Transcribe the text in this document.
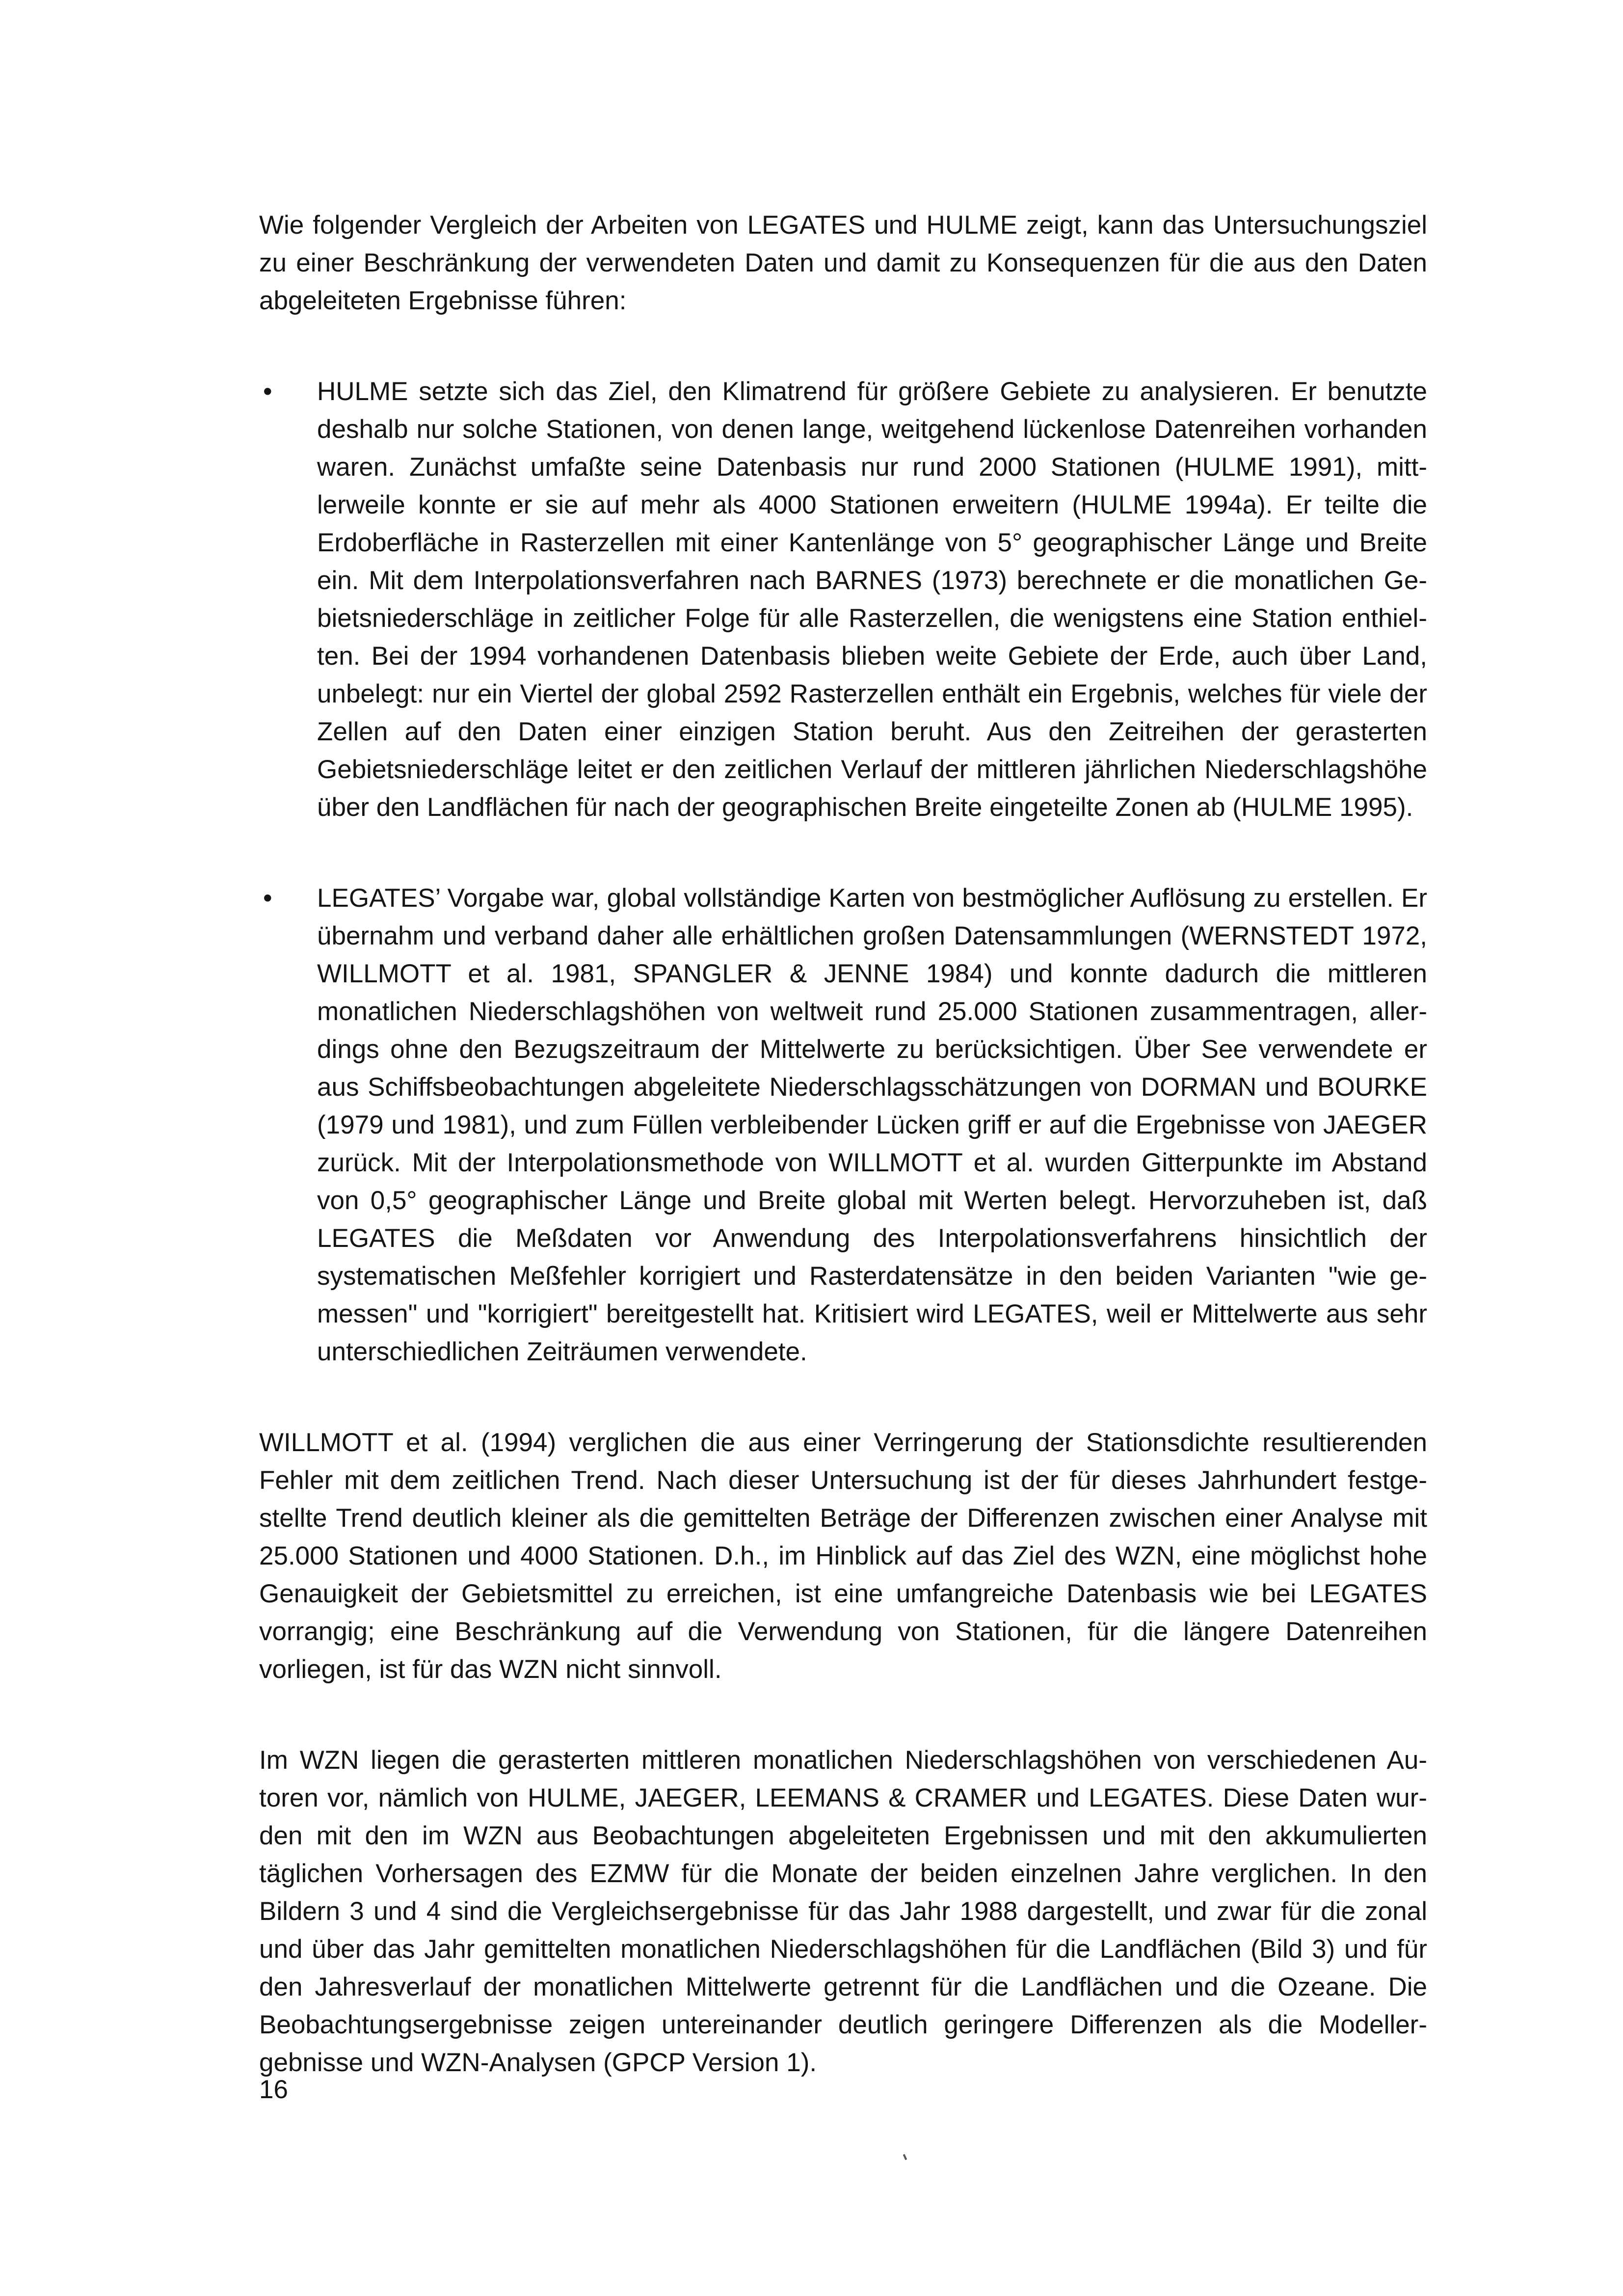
Wie folgender Vergleich der Arbeiten von LEGATES und HULME zeigt, kann das Untersuchungsziel zu einer Beschränkung der verwendeten Daten und damit zu Konsequenzen für die aus den Daten abgeleiteten Ergebnisse führen:

• HULME setzte sich das Ziel, den Klimatrend für größere Gebiete zu analysieren. Er benutzte deshalb nur solche Stationen, von denen lange, weitgehend lückenlose Datenreihen vorhanden waren. Zunächst umfaßte seine Datenbasis nur rund 2000 Stationen (HULME 1991), mittlerweile konnte er sie auf mehr als 4000 Stationen erweitern (HULME 1994a). Er teilte die Erdoberfläche in Rasterzellen mit einer Kantenlänge von 5° geographischer Länge und Breite ein. Mit dem Interpolationsverfahren nach BARNES (1973) berechnete er die monatlichen Gebietsniederschläge in zeitlicher Folge für alle Rasterzellen, die wenigstens eine Station enthielten. Bei der 1994 vorhandenen Datenbasis blieben weite Gebiete der Erde, auch über Land, unbelegt: nur ein Viertel der global 2592 Rasterzellen enthält ein Ergebnis, welches für viele der Zellen auf den Daten einer einzigen Station beruht. Aus den Zeitreihen der gerasterten Gebietsniederschläge leitet er den zeitlichen Verlauf der mittleren jährlichen Niederschlagshöhe über den Landflächen für nach der geographischen Breite eingeteilte Zonen ab (HULME 1995).

• LEGATES’ Vorgabe war, global vollständige Karten von bestmöglicher Auflösung zu erstellen. Er übernahm und verband daher alle erhältlichen großen Datensammlungen (WERNSTEDT 1972, WILLMOTT et al. 1981, SPANGLER & JENNE 1984) und konnte dadurch die mittleren monatlichen Niederschlagshöhen von weltweit rund 25.000 Stationen zusammentragen, allerdings ohne den Bezugszeitraum der Mittelwerte zu berücksichtigen. Über See verwendete er aus Schiffsbeobachtungen abgeleitete Niederschlagsschätzungen von DORMAN und BOURKE (1979 und 1981), und zum Füllen verbleibender Lücken griff er auf die Ergebnisse von JAEGER zurück. Mit der Interpolationsmethode von WILLMOTT et al. wurden Gitterpunkte im Abstand von 0,5° geographischer Länge und Breite global mit Werten belegt. Hervorzuheben ist, daß LEGATES die Meßdaten vor Anwendung des Interpolationsverfahrens hinsichtlich der systematischen Meßfehler korrigiert und Rasterdatensätze in den beiden Varianten "wie gemessen" und "korrigiert" bereitgestellt hat. Kritisiert wird LEGATES, weil er Mittelwerte aus sehr unterschiedlichen Zeiträumen verwendete.

WILLMOTT et al. (1994) verglichen die aus einer Verringerung der Stationsdichte resultierenden Fehler mit dem zeitlichen Trend. Nach dieser Untersuchung ist der für dieses Jahrhundert festgestellte Trend deutlich kleiner als die gemittelten Beträge der Differenzen zwischen einer Analyse mit 25.000 Stationen und 4000 Stationen. D.h., im Hinblick auf das Ziel des WZN, eine möglichst hohe Genauigkeit der Gebietsmittel zu erreichen, ist eine umfangreiche Datenbasis wie bei LEGATES vorrangig; eine Beschränkung auf die Verwendung von Stationen, für die längere Datenreihen vorliegen, ist für das WZN nicht sinnvoll.

Im WZN liegen die gerasterten mittleren monatlichen Niederschlagshöhen von verschiedenen Autoren vor, nämlich von HULME, JAEGER, LEEMANS & CRAMER und LEGATES. Diese Daten wurden mit den im WZN aus Beobachtungen abgeleiteten Ergebnissen und mit den akkumulierten täglichen Vorhersagen des EZMW für die Monate der beiden einzelnen Jahre verglichen. In den Bildern 3 und 4 sind die Vergleichsergebnisse für das Jahr 1988 dargestellt, und zwar für die zonal und über das Jahr gemittelten monatlichen Niederschlagshöhen für die Landflächen (Bild 3) und für den Jahresverlauf der monatlichen Mittelwerte getrennt für die Landflächen und die Ozeane. Die Beobachtungsergebnisse zeigen untereinander deutlich geringere Differenzen als die Modellergebnisse und WZN-Analysen (GPCP Version 1).

16
